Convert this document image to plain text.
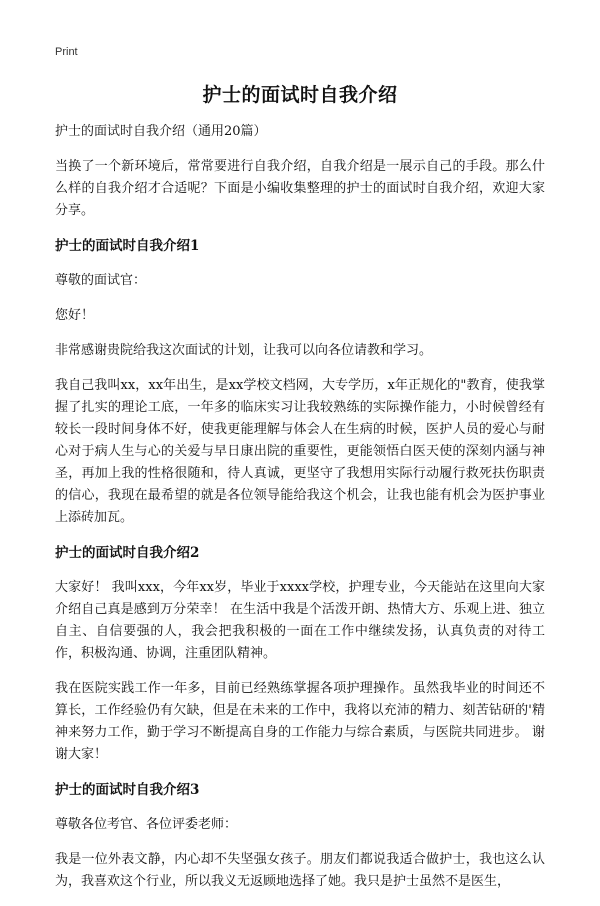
Print
护士的面试时自我介绍

护士的面试时自我介绍（通用20篇）

当换了一个新环境后，常常要进行自我介绍，自我介绍是一展示自己的手段。那么什么样的自我介绍才合适呢？下面是小编收集整理的护士的面试时自我介绍，欢迎大家分享。

护士的面试时自我介绍1

尊敬的面试官：

您好！

非常感谢贵院给我这次面试的计划，让我可以向各位请教和学习。

我自己我叫xx，xx年出生，是xx学校文档网，大专学历，x年正规化的"教育，使我掌握了扎实的理论工底，一年多的临床实习让我较熟练的实际操作能力，小时候曾经有较长一段时间身体不好，使我更能理解与体会人在生病的时候，医护人员的爱心与耐心对于病人生与心的关爱与早日康出院的重要性，更能领悟白医天使的深刻内涵与神圣，再加上我的性格很随和，待人真诚，更坚守了我想用实际行动履行救死扶伤职责的信心，我现在最希望的就是各位领导能给我这个机会，让我也能有机会为医护事业上添砖加瓦。

护士的面试时自我介绍2

大家好！ 我叫xxx，今年xx岁，毕业于xxxx学校，护理专业，今天能站在这里向大家介绍自己真是感到万分荣幸！ 在生活中我是个活泼开朗、热情大方、乐观上进、独立自主、自信要强的人，我会把我积极的一面在工作中继续发扬，认真负责的对待工作，积极沟通、协调，注重团队精神。

我在医院实践工作一年多，目前已经熟练掌握各项护理操作。虽然我毕业的时间还不算长，工作经验仍有欠缺，但是在未来的工作中，我将以充沛的精力、刻苦钻研的'精神来努力工作，勤于学习不断提高自身的工作能力与综合素质，与医院共同进步。 谢谢大家！

护士的面试时自我介绍3

尊敬各位考官、各位评委老师：

我是一位外表文静，内心却不失坚强女孩子。朋友们都说我适合做护士，我也这么认为，我喜欢这个行业，所以我义无返顾地选择了她。我只是护士虽然不是医生，
